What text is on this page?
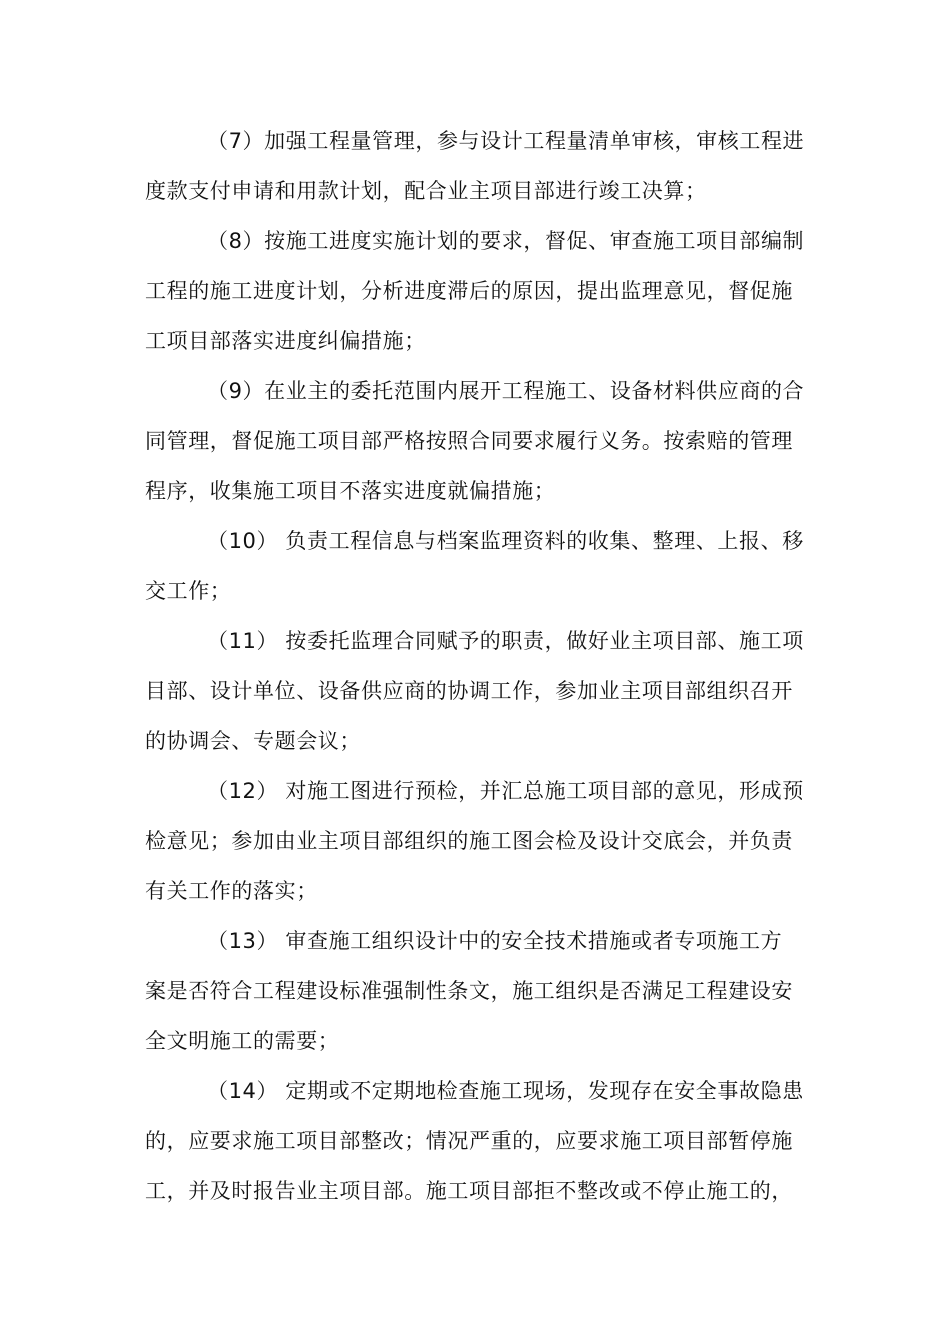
（7）加强工程量管理，参与设计工程量清单审核，审核工程进
度款支付申请和用款计划，配合业主项目部进行竣工决算；
（8）按施工进度实施计划的要求，督促、审查施工项目部编制
工程的施工进度计划，分析进度滞后的原因，提出监理意见，督促施
工项目部落实进度纠偏措施；
（9）在业主的委托范围内展开工程施工、设备材料供应商的合
同管理，督促施工项目部严格按照合同要求履行义务。按索赔的管理
程序，收集施工项目不落实进度就偏措施；
（10） 负责工程信息与档案监理资料的收集、整理、上报、移
交工作；
（11） 按委托监理合同赋予的职责，做好业主项目部、施工项
目部、设计单位、设备供应商的协调工作，参加业主项目部组织召开
的协调会、专题会议；
（12） 对施工图进行预检，并汇总施工项目部的意见，形成预
检意见；参加由业主项目部组织的施工图会检及设计交底会，并负责
有关工作的落实；
（13） 审查施工组织设计中的安全技术措施或者专项施工方
案是否符合工程建设标准强制性条文，施工组织是否满足工程建设安
全文明施工的需要；
（14） 定期或不定期地检查施工现场，发现存在安全事故隐患
的，应要求施工项目部整改；情况严重的，应要求施工项目部暂停施
工，并及时报告业主项目部。施工项目部拒不整改或不停止施工的，
